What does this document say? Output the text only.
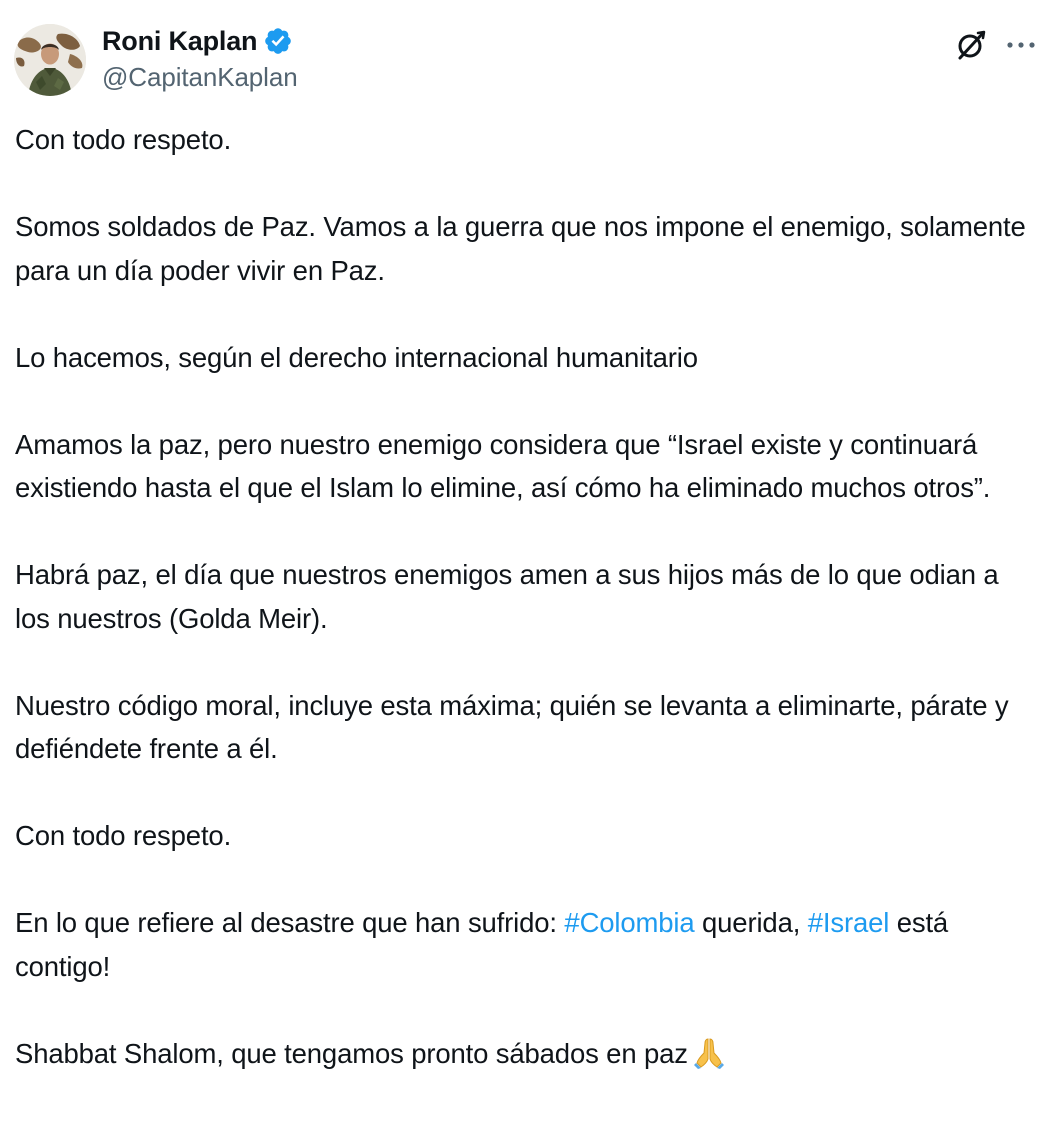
Roni Kaplan
@CapitanKaplan

Con todo respeto.

Somos soldados de Paz. Vamos a la guerra que nos impone el enemigo, solamente para un día poder vivir en Paz.

Lo hacemos, según el derecho internacional humanitario

Amamos la paz, pero nuestro enemigo considera que “Israel existe y continuará existiendo hasta el que el Islam lo elimine, así cómo ha eliminado muchos otros”.

Habrá paz, el día que nuestros enemigos amen a sus hijos más de lo que odian a los nuestros (Golda Meir).

Nuestro código moral, incluye esta máxima; quién se levanta a eliminarte, párate y defiéndete frente a él.

Con todo respeto.

En lo que refiere al desastre que han sufrido: #Colombia querida, #Israel está contigo!

Shabbat Shalom, que tengamos pronto sábados en paz
